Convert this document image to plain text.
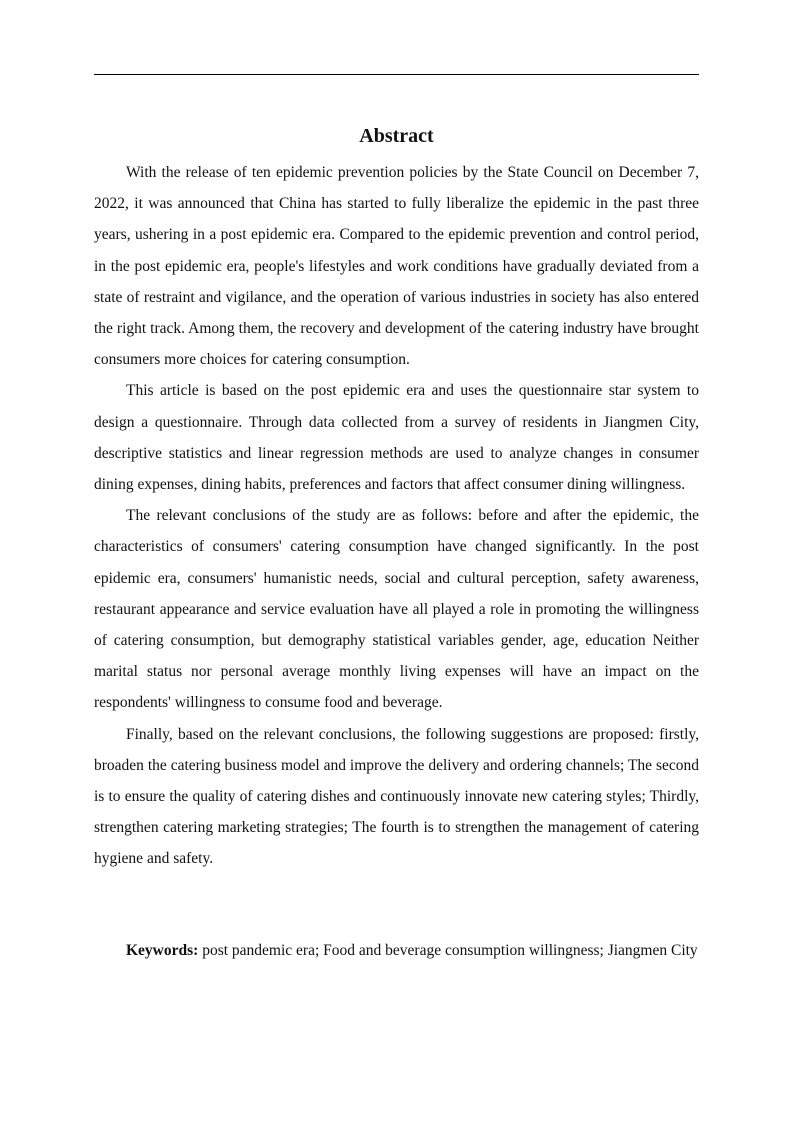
Abstract

With the release of ten epidemic prevention policies by the State Council on December 7, 2022, it was announced that China has started to fully liberalize the epidemic in the past three years, ushering in a post epidemic era. Compared to the epidemic prevention and control period, in the post epidemic era, people's lifestyles and work conditions have gradually deviated from a state of restraint and vigilance, and the operation of various industries in society has also entered the right track. Among them, the recovery and development of the catering industry have brought consumers more choices for catering consumption.

This article is based on the post epidemic era and uses the questionnaire star system to design a questionnaire. Through data collected from a survey of residents in Jiangmen City, descriptive statistics and linear regression methods are used to analyze changes in consumer dining expenses, dining habits, preferences and factors that affect consumer dining willingness.

The relevant conclusions of the study are as follows: before and after the epidemic, the characteristics of consumers' catering consumption have changed significantly. In the post epidemic era, consumers' humanistic needs, social and cultural perception, safety awareness, restaurant appearance and service evaluation have all played a role in promoting the willingness of catering consumption, but demography statistical variables gender, age, education Neither marital status nor personal average monthly living expenses will have an impact on the respondents' willingness to consume food and beverage.

Finally, based on the relevant conclusions, the following suggestions are proposed: firstly, broaden the catering business model and improve the delivery and ordering channels; The second is to ensure the quality of catering dishes and continuously innovate new catering styles; Thirdly, strengthen catering marketing strategies; The fourth is to strengthen the management of catering hygiene and safety.

Keywords: post pandemic era; Food and beverage consumption willingness; Jiangmen City
